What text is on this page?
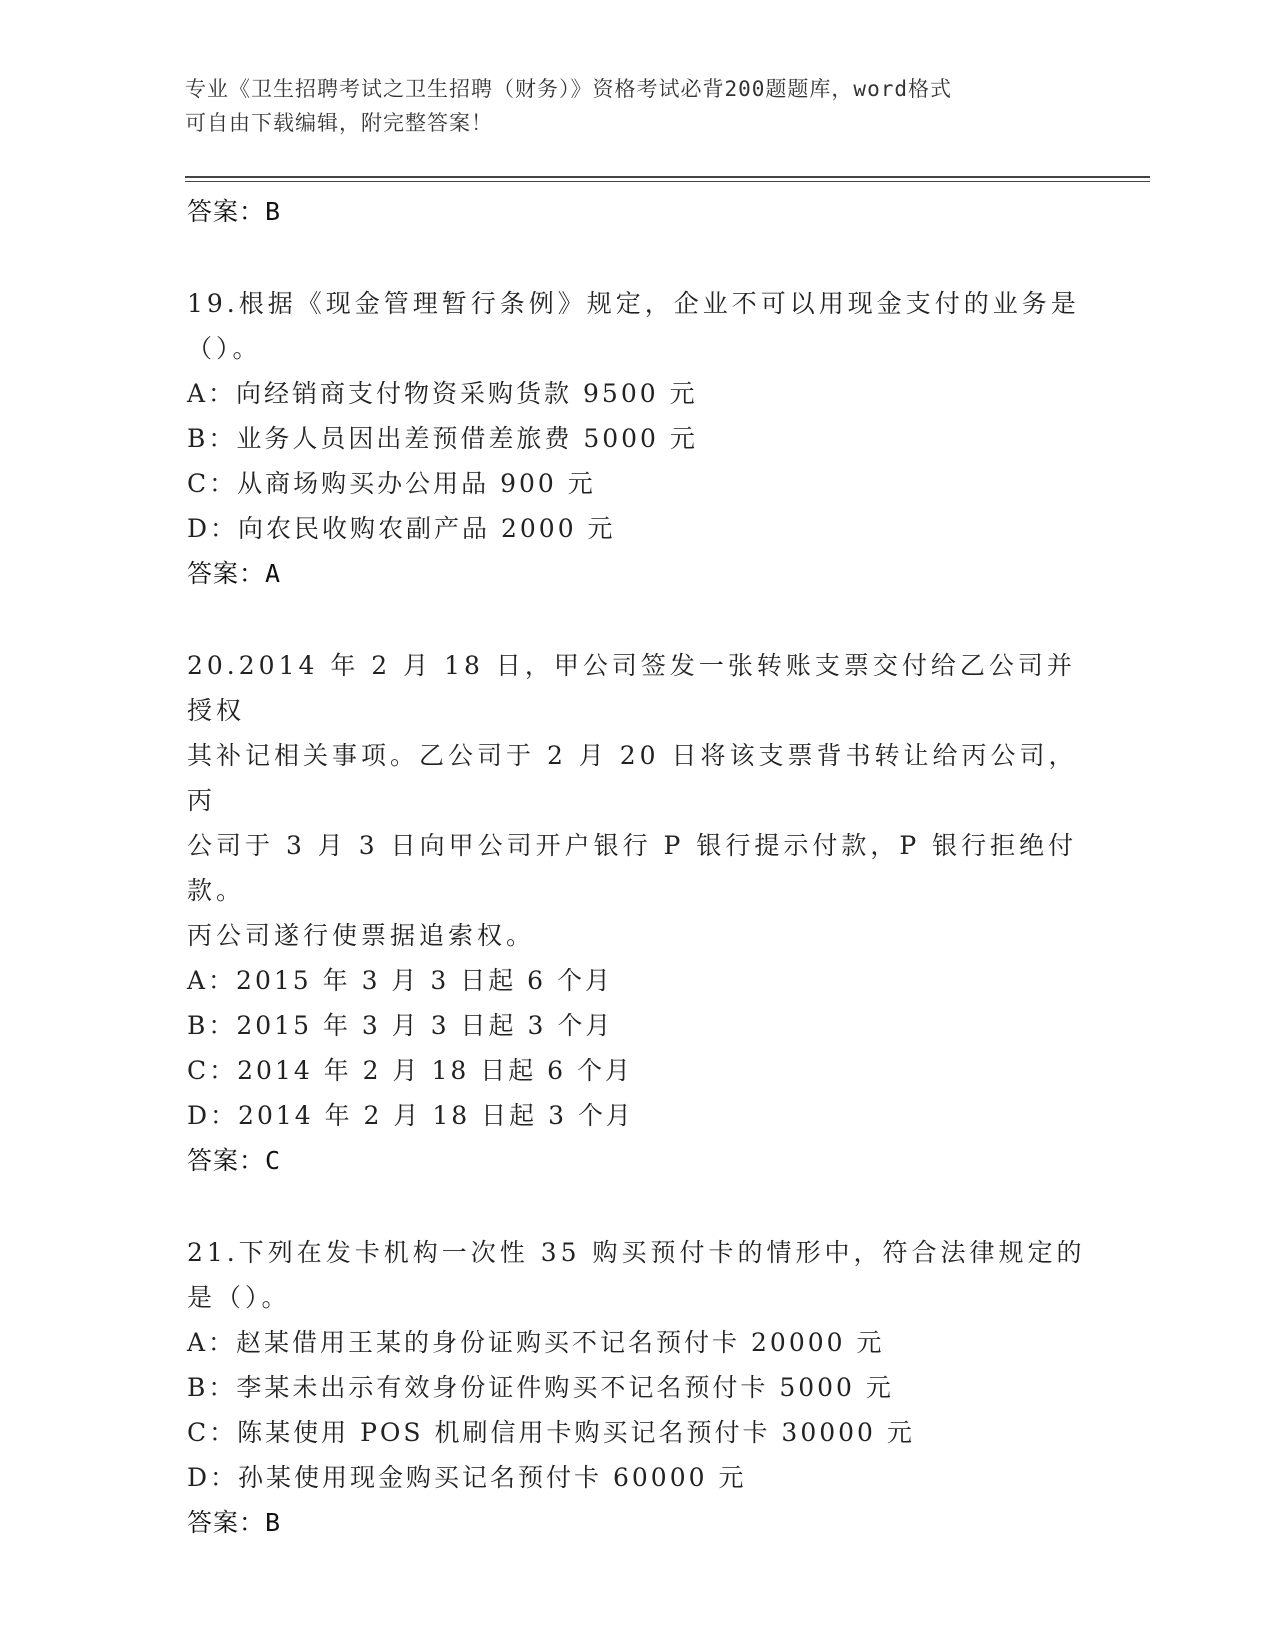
专业《卫生招聘考试之卫生招聘（财务）》资格考试必背200题题库，word格式
可自由下载编辑，附完整答案！
答案：B
19.根据《现金管理暂行条例》规定，企业不可以用现金支付的业务是
（）。
A：向经销商支付物资采购货款 9500 元
B：业务人员因出差预借差旅费 5000 元
C：从商场购买办公用品 900 元
D：向农民收购农副产品 2000 元
答案：A
20.2014 年 2 月 18 日，甲公司签发一张转账支票交付给乙公司并授权
其补记相关事项。乙公司于 2 月 20 日将该支票背书转让给丙公司，丙
公司于 3 月 3 日向甲公司开户银行 P 银行提示付款，P 银行拒绝付款。
丙公司遂行使票据追索权。
A：2015 年 3 月 3 日起 6 个月
B：2015 年 3 月 3 日起 3 个月
C：2014 年 2 月 18 日起 6 个月
D：2014 年 2 月 18 日起 3 个月
答案：C
21.下列在发卡机构一次性 35 购买预付卡的情形中，符合法律规定的
是（）。
A：赵某借用王某的身份证购买不记名预付卡 20000 元
B：李某未出示有效身份证件购买不记名预付卡 5000 元
C：陈某使用 POS 机刷信用卡购买记名预付卡 30000 元
D：孙某使用现金购买记名预付卡 60000 元
答案：B
